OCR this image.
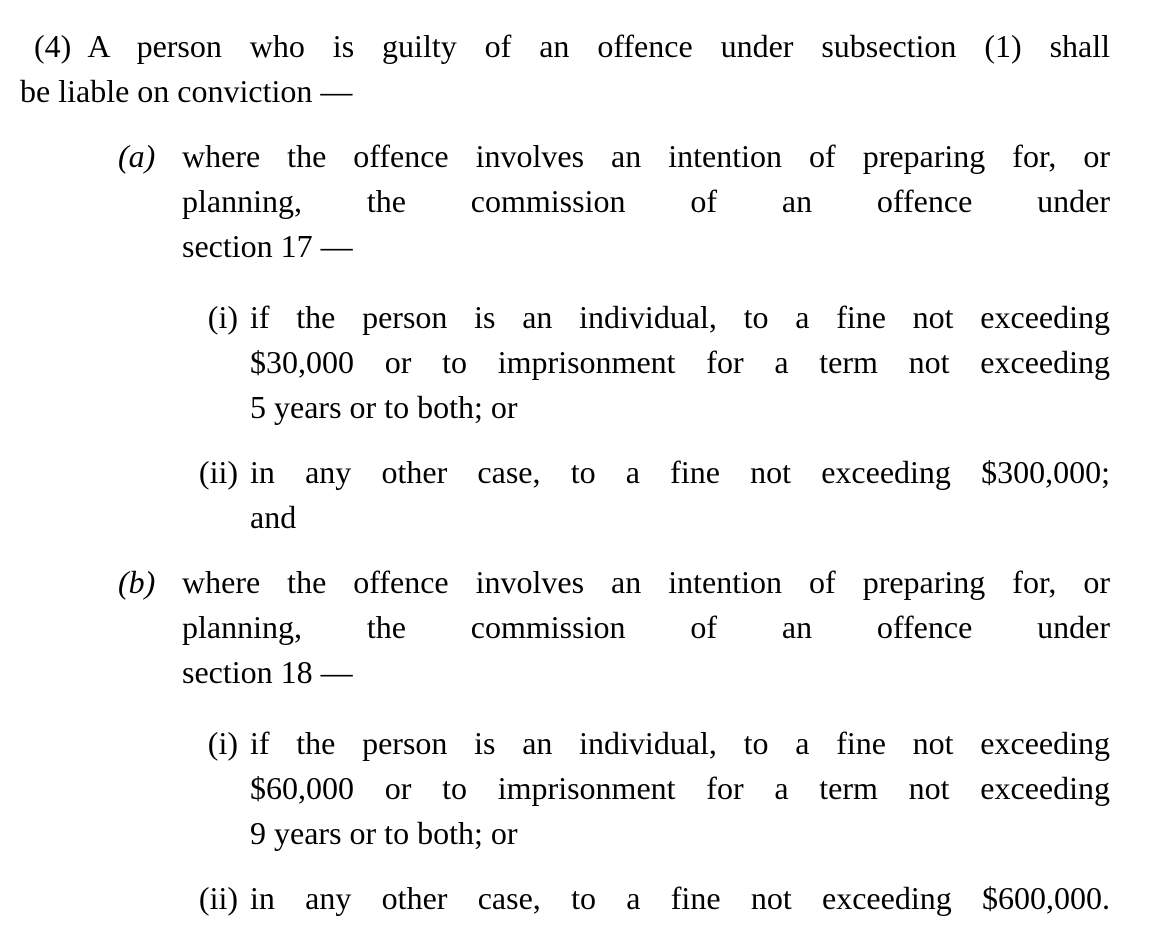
(4) A person who is guilty of an offence under subsection (1) shall
be liable on conviction —
(a) where the offence involves an intention of preparing for, or
planning, the commission of an offence under
section 17 —
(i) if the person is an individual, to a fine not exceeding
$30,000 or to imprisonment for a term not exceeding
5 years or to both; or
(ii) in any other case, to a fine not exceeding $300,000;
and
(b) where the offence involves an intention of preparing for, or
planning, the commission of an offence under
section 18 —
(i) if the person is an individual, to a fine not exceeding
$60,000 or to imprisonment for a term not exceeding
9 years or to both; or
(ii) in any other case, to a fine not exceeding $600,000.
